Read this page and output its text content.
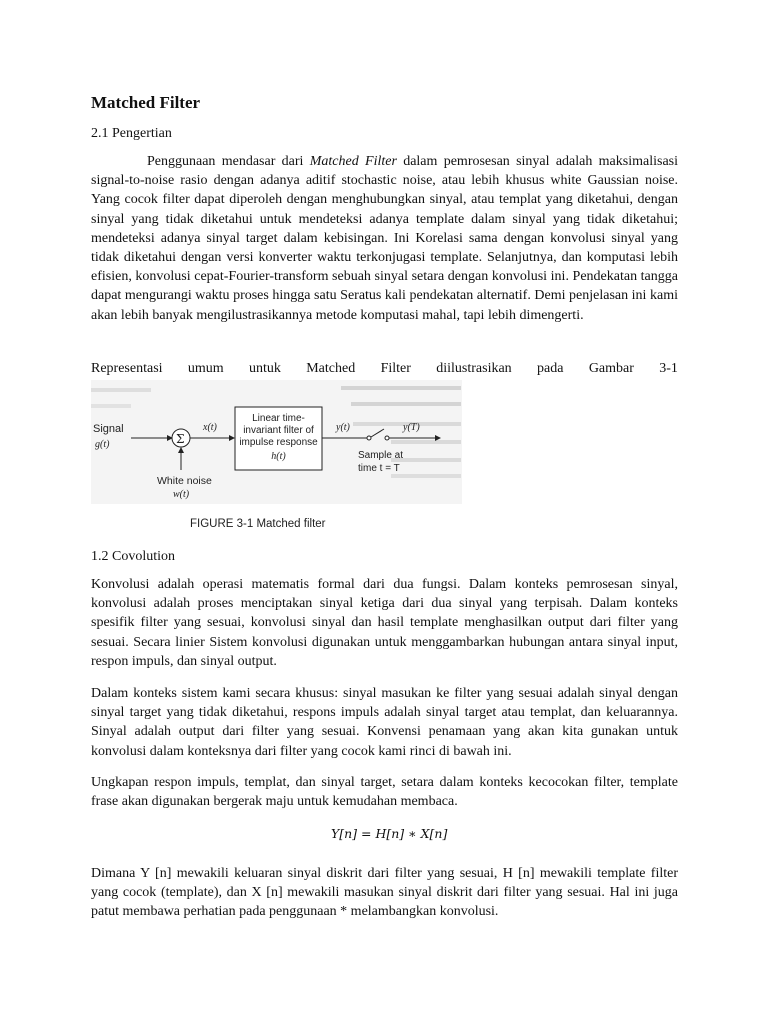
Matched Filter

2.1 Pengertian

Penggunaan mendasar dari Matched Filter dalam pemrosesan sinyal adalah maksimalisasi signal-to-noise rasio dengan adanya aditif stochastic noise, atau lebih khusus white Gaussian noise. Yang cocok filter dapat diperoleh dengan menghubungkan sinyal, atau templat yang diketahui, dengan sinyal yang tidak diketahui untuk mendeteksi adanya template dalam sinyal yang tidak diketahui; mendeteksi adanya sinyal target dalam kebisingan. Ini Korelasi sama dengan konvolusi sinyal yang tidak diketahui dengan versi konverter waktu terkonjugasi template. Selanjutnya, dan komputasi lebih efisien, konvolusi cepat-Fourier-transform sebuah sinyal setara dengan konvolusi ini. Pendekatan tangga dapat mengurangi waktu proses hingga satu Seratus kali pendekatan alternatif. Demi penjelasan ini kami akan lebih banyak mengilustrasikannya metode komputasi mahal, tapi lebih dimengerti.

Representasi umum untuk Matched Filter diilustrasikan pada Gambar 3-1

Signal
g(t)	Σ
White noise
w(t)
x(t)
Linear time-
invariant filter of
impulse response
h(t)
y(t)	y(T)
Sample at
time t = T

FIGURE 3-1 Matched filter

1.2 Covolution

Konvolusi adalah operasi matematis formal dari dua fungsi. Dalam konteks pemrosesan sinyal, konvolusi adalah proses menciptakan sinyal ketiga dari dua sinyal yang terpisah. Dalam konteks spesifik filter yang sesuai, konvolusi sinyal dan hasil template menghasilkan output dari filter yang sesuai. Secara linier Sistem konvolusi digunakan untuk menggambarkan hubungan antara sinyal input, respon impuls, dan sinyal output.

Dalam konteks sistem kami secara khusus: sinyal masukan ke filter yang sesuai adalah sinyal dengan sinyal target yang tidak diketahui, respons impuls adalah sinyal target atau templat, dan keluarannya. Sinyal adalah output dari filter yang sesuai. Konvensi penamaan yang akan kita gunakan untuk konvolusi dalam konteksnya dari filter yang cocok kami rinci di bawah ini.

Ungkapan respon impuls, templat, dan sinyal target, setara dalam konteks kecocokan filter, template frase akan digunakan bergerak maju untuk kemudahan membaca.

Y[n] = H[n] ∗ X[n]

Dimana Y [n] mewakili keluaran sinyal diskrit dari filter yang sesuai, H [n] mewakili template filter yang cocok (template), dan X [n] mewakili masukan sinyal diskrit dari filter yang sesuai. Hal ini juga patut membawa perhatian pada penggunaan * melambangkan konvolusi.
